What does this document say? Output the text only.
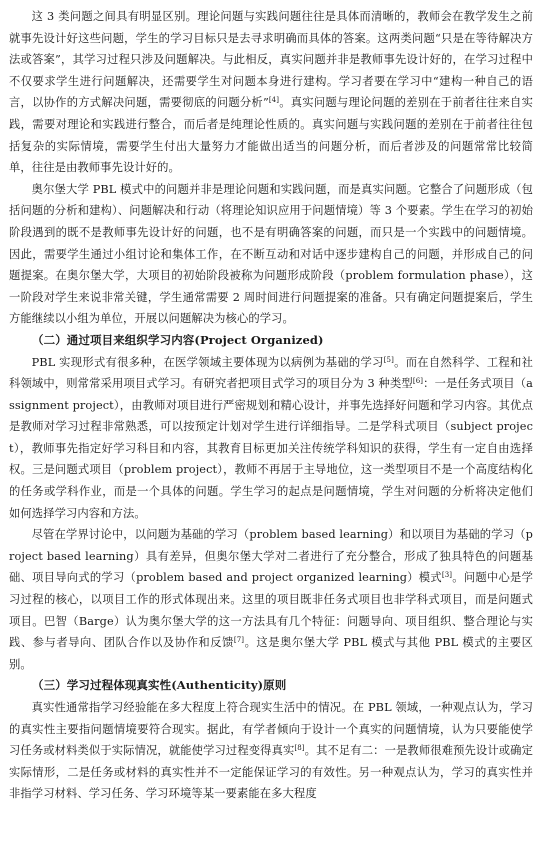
这 3 类问题之间具有明显区别。理论问题与实践问题往往是具体而清晰的，教师会在教学发生之前就事先设计好这些问题，学生的学习目标只是去寻求明确而具体的答案。这两类问题“只是在等待解决方法或答案”，其学习过程只涉及问题解决。与此相反，真实问题并非是教师事先设计好的，在学习过程中不仅要求学生进行问题解决，还需要学生对问题本身进行建构。学习者要在学习中“建构一种自己的语言，以协作的方式解决问题，需要彻底的问题分析”[4]。真实问题与理论问题的差别在于前者往往来自实践，需要对理论和实践进行整合，而后者是纯理论性质的。真实问题与实践问题的差别在于前者往往包括复杂的实际情境，需要学生付出大量努力才能做出适当的问题分析，而后者涉及的问题常常比较简单，往往是由教师事先设计好的。

奥尔堡大学 PBL 模式中的问题并非是理论问题和实践问题，而是真实问题。它整合了问题形成（包括问题的分析和建构）、问题解决和行动（将理论知识应用于问题情境）等 3 个要素。学生在学习的初始阶段遇到的既不是教师事先设计好的问题，也不是有明确答案的问题，而只是一个实践中的问题情境。因此，需要学生通过小组讨论和集体工作，在不断互动和对话中逐步建构自己的问题，并形成自己的问题提案。在奥尔堡大学，大项目的初始阶段被称为问题形成阶段（problem formulation phase），这一阶段对学生来说非常关键，学生通常需要 2 周时间进行问题提案的准备。只有确定问题提案后，学生方能继续以小组为单位，开展以问题解决为核心的学习。

（二）通过项目来组织学习内容(Project Organized)

PBL 实现形式有很多种，在医学领域主要体现为以病例为基础的学习[5]。而在自然科学、工程和社科领域中，则常常采用项目式学习。有研究者把项目式学习的项目分为 3 种类型[6]：一是任务式项目（assignment project），由教师对项目进行严密规划和精心设计，并事先选择好问题和学习内容。其优点是教师对学习过程非常熟悉，可以按预定计划对学生进行详细指导。二是学科式项目（subject project），教师事先指定好学习科目和内容，其教育目标更加关注传统学科知识的获得，学生有一定自由选择权。三是问题式项目（problem project），教师不再居于主导地位，这一类型项目不是一个高度结构化的任务或学科作业，而是一个具体的问题。学生学习的起点是问题情境，学生对问题的分析将决定他们如何选择学习内容和方法。

尽管在学界讨论中，以问题为基础的学习（problem based learning）和以项目为基础的学习（project based learning）具有差异，但奥尔堡大学对二者进行了充分整合，形成了独具特色的问题基础、项目导向式的学习（problem based and project organized learning）模式[3]。问题中心是学习过程的核心，以项目工作的形式体现出来。这里的项目既非任务式项目也非学科式项目，而是问题式项目。巴智（Barge）认为奥尔堡大学的这一方法具有几个特征：问题导向、项目组织、整合理论与实践、参与者导向、团队合作以及协作和反馈[7]。这是奥尔堡大学 PBL 模式与其他 PBL 模式的主要区别。

（三）学习过程体现真实性(Authenticity)原则

真实性通常指学习经验能在多大程度上符合现实生活中的情况。在 PBL 领域，一种观点认为，学习的真实性主要指问题情境要符合现实。据此，有学者倾向于设计一个真实的问题情境，认为只要能使学习任务或材料类似于实际情况，就能使学习过程变得真实[8]。其不足有二：一是教师很难预先设计或确定实际情形，二是任务或材料的真实性并不一定能保证学习的有效性。另一种观点认为，学习的真实性并非指学习材料、学习任务、学习环境等某一要素能在多大程度
